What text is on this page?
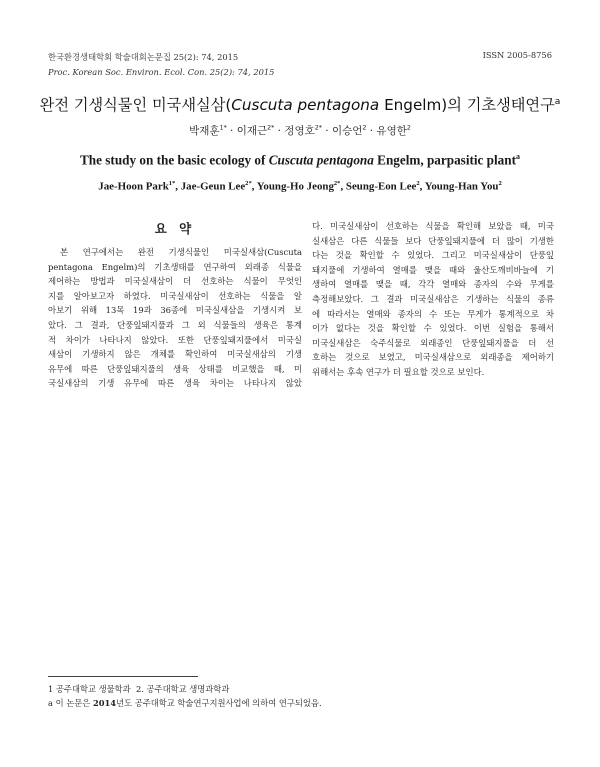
한국환경생태학회 학술대회논문집 25(2): 74, 2015
Proc. Korean Soc. Environ. Ecol. Con. 25(2): 74, 2015
ISSN 2005-8756
완전 기생식물인 미국새실삼(Cuscuta pentagona Engelm)의 기초생태연구$^a$
박재훈$^{1*}$ · 이재근$^{2*}$ · 정영호$^{2*}$ · 이승언$^2$ · 유영한$^2$
The study on the basic ecology of Cuscuta pentagona Engelm, parpasitic plant$^a$
Jae-Hoon Park$^{1*}$, Jae-Geun Lee$^{2*}$, Young-Ho Jeong$^{2*}$, Seung-Eon Lee$^2$, Young-Han You$^2$
요 약
본 연구에서는 완전 기생식물인 미국실새삼(Cuscuta
pentagona Engelm)의 기초생태를 연구하여 외래종 식물을
제어하는 방법과 미국실새삼이 더 선호하는 식물이 무엇인
지를 알아보고자 하였다. 미국실새삼이 선호하는 식물을 알
아보기 위해 13목 19과 36종에 미국실새삼을 기생시켜 보
았다. 그 결과, 단풍잎돼지풀과 그 외 식물들의 생육은 통계
적 차이가 나타나지 않았다. 또한 단풍잎돼지풀에서 미국실
새삼이 기생하지 않은 개체를 확인하여 미국실새삼의 기생
유무에 따른 단풍잎돼지풀의 생육 상태를 비교했을 때, 미
국실새삼의 기생 유무에 따른 생육 차이는 나타나지 않았
다. 미국실새삼이 선호하는 식물을 확인해 보았을 때, 미국
실새삼은 다른 식물들 보다 단풍잎돼지풀에 더 많이 기생한
다는 것을 확인할 수 있었다. 그리고 미국실새삼이 단풍잎
돼지풀에 기생하여 열매를 맺을 때와 울산도깨비바늘에 기
생하여 열매를 맺을 때, 각각 열매와 종자의 수와 무게를
측정해보았다. 그 결과 미국실새삼은 기생하는 식물의 종류
에 따라서는 열매와 종자의 수 또는 무게가 통계적으로 차
이가 없다는 것을 확인할 수 있었다. 이번 실험을 통해서
미국실새삼은 숙주식물로 외래종인 단풍잎돼지풀을 더 선
호하는 것으로 보였고, 미국실새삼으로 외래종을 제어하기
위해서는 후속 연구가 더 필요할 것으로 보인다.
1 공주대학교 생물학과 2. 공주대학교 생명과학과
a 이 논문은 2014년도 공주대학교 학술연구지원사업에 의하여 연구되었음.
